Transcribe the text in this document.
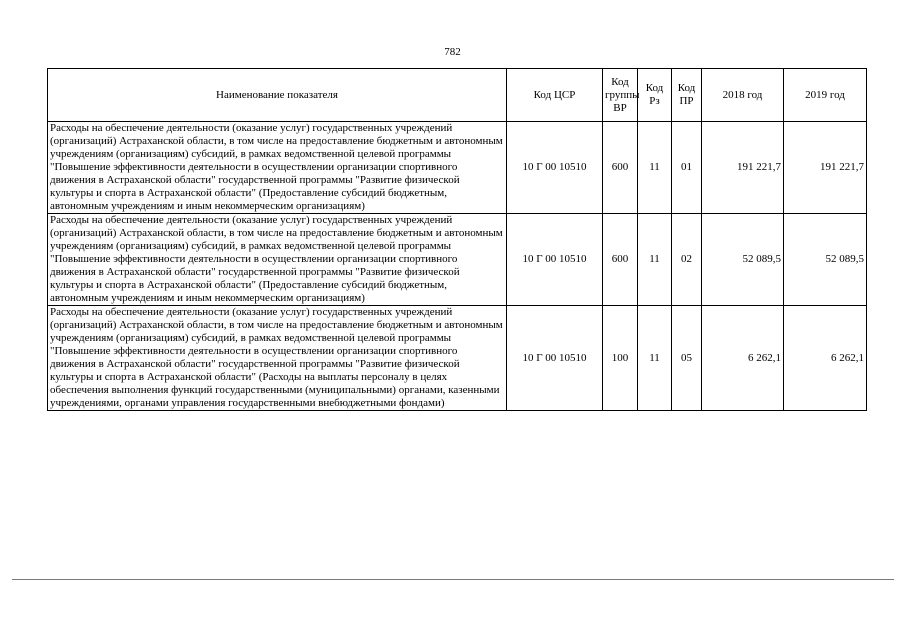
782
Наименование показателя	Код ЦСР	Код группы ВР	Код Рз	Код ПР	2018 год	2019 год
Расходы на обеспечение деятельности (оказание услуг) государственных учреждений (организаций) Астраханской области, в том числе на предоставление бюджетным и автономным учреждениям (организациям) субсидий, в рамках ведомственной целевой программы "Повышение эффективности деятельности в осуществлении организации спортивного движения в Астраханской области" государственной программы "Развитие физической культуры и спорта в Астраханской области" (Предоставление субсидий бюджетным, автономным учреждениям и иным некоммерческим организациям)	10 Г 00 10510	600	11	01	191 221,7	191 221,7
Расходы на обеспечение деятельности (оказание услуг) государственных учреждений (организаций) Астраханской области, в том числе на предоставление бюджетным и автономным учреждениям (организациям) субсидий, в рамках ведомственной целевой программы "Повышение эффективности деятельности в осуществлении организации спортивного движения в Астраханской области" государственной программы "Развитие физической культуры и спорта в Астраханской области" (Предоставление субсидий бюджетным, автономным учреждениям и иным некоммерческим организациям)	10 Г 00 10510	600	11	02	52 089,5	52 089,5
Расходы на обеспечение деятельности (оказание услуг) государственных учреждений (организаций) Астраханской области, в том числе на предоставление бюджетным и автономным учреждениям (организациям) субсидий, в рамках ведомственной целевой программы "Повышение эффективности деятельности в осуществлении организации спортивного движения в Астраханской области" государственной программы "Развитие физической культуры и спорта в Астраханской области" (Расходы на выплаты персоналу в целях обеспечения выполнения функций государственными (муниципальными) органами, казенными учреждениями, органами управления государственными внебюджетными фондами)	10 Г 00 10510	100	11	05	6 262,1	6 262,1
